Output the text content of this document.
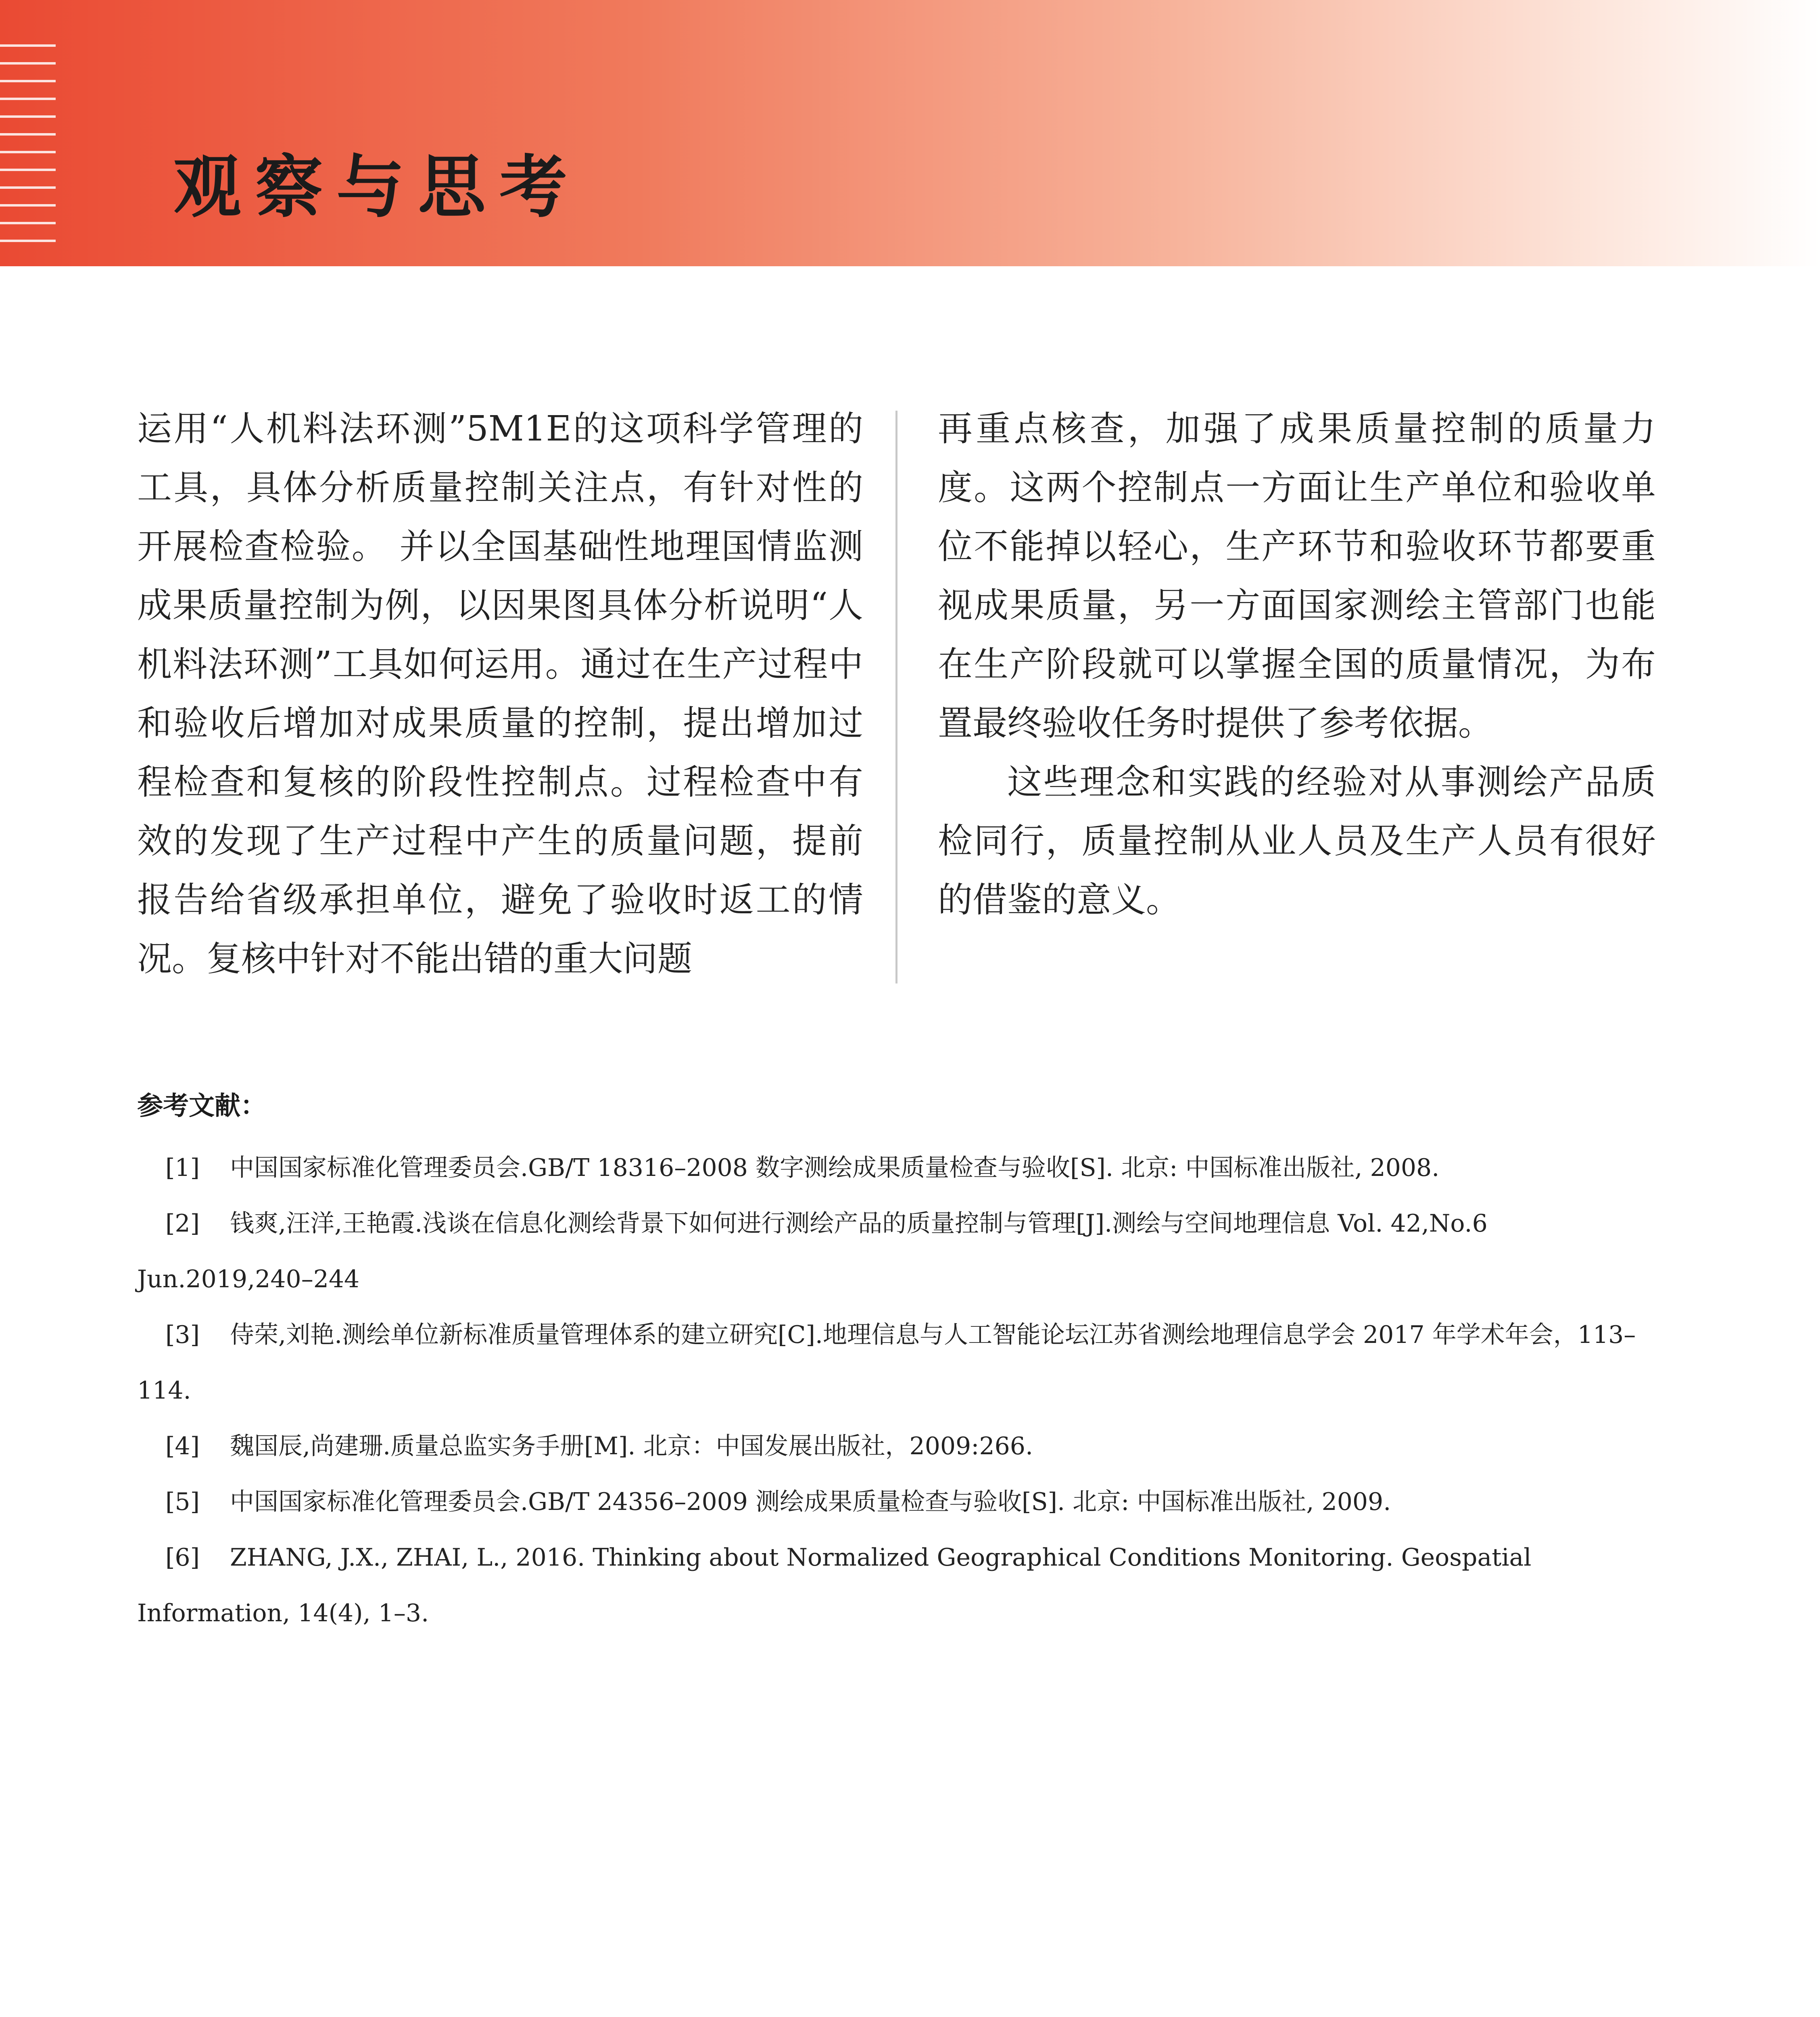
观察与思考

运用“人机料法环测”5M1E的这项科学管理的工具，具体分析质量控制关注点，有针对性的开展检查检验。 并以全国基础性地理国情监测成果质量控制为例，以因果图具体分析说明“人机料法环测”工具如何运用。通过在生产过程中和验收后增加对成果质量的控制，提出增加过程检查和复核的阶段性控制点。过程检查中有效的发现了生产过程中产生的质量问题，提前报告给省级承担单位，避免了验收时返工的情况。复核中针对不能出错的重大问题

再重点核查，加强了成果质量控制的质量力度。这两个控制点一方面让生产单位和验收单位不能掉以轻心，生产环节和验收环节都要重视成果质量，另一方面国家测绘主管部门也能在生产阶段就可以掌握全国的质量情况，为布置最终验收任务时提供了参考依据。

这些理念和实践的经验对从事测绘产品质检同行，质量控制从业人员及生产人员有很好的借鉴的意义。

参考文献：

[1] 中国国家标准化管理委员会.GB/T 18316–2008 数字测绘成果质量检查与验收[S]. 北京: 中国标准出版社, 2008.

[2] 钱爽,汪洋,王艳霞.浅谈在信息化测绘背景下如何进行测绘产品的质量控制与管理[J].测绘与空间地理信息 Vol. 42,No.6 Jun.2019,240–244

[3] 侍荣,刘艳.测绘单位新标准质量管理体系的建立研究[C].地理信息与人工智能论坛江苏省测绘地理信息学会 2017 年学术年会，113–114.

[4] 魏国辰,尚建珊.质量总监实务手册[M]. 北京：中国发展出版社，2009:266.

[5] 中国国家标准化管理委员会.GB/T 24356–2009 测绘成果质量检查与验收[S]. 北京: 中国标准出版社, 2009.

[6] ZHANG, J.X., ZHAI, L., 2016. Thinking about Normalized Geographical Conditions Monitoring. Geospatial Information, 14(4), 1–3.
